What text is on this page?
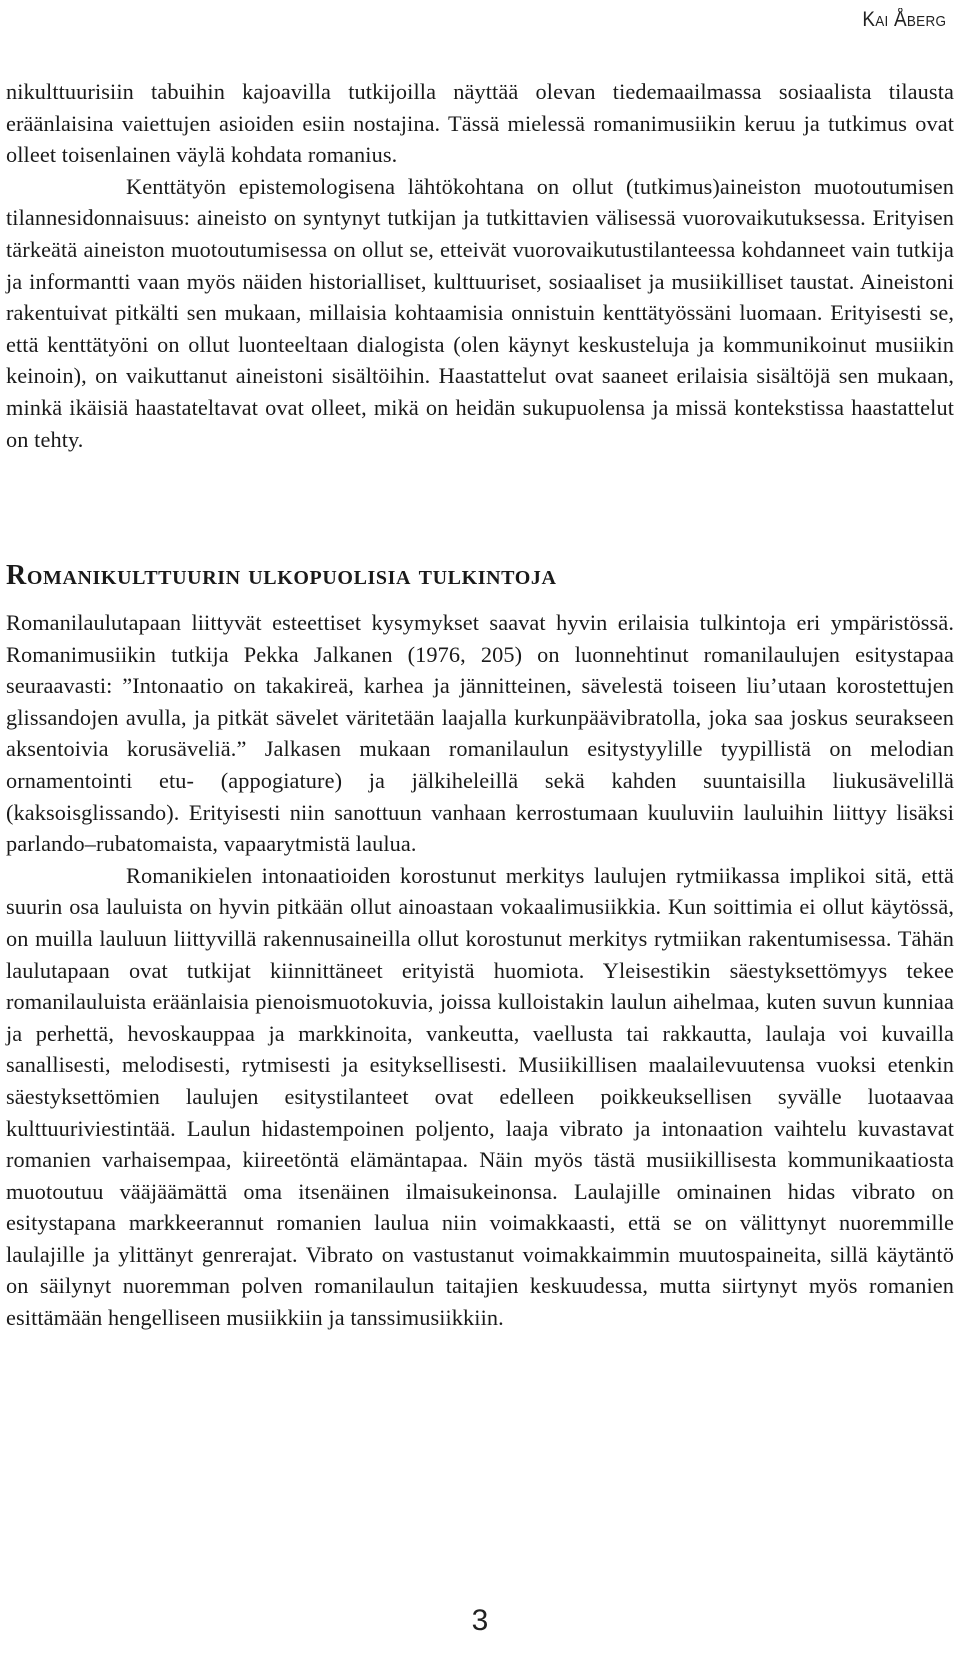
Kai Åberg

nikulttuurisiin tabuihin kajoavilla tutkijoilla näyttää olevan tiedemaailmassa sosiaalista tilausta eräänlaisina vaiettujen asioiden esiin nostajina. Tässä mielessä romanimusiikin keruu ja tutkimus ovat olleet toisenlainen väylä kohdata romanius.

Kenttätyön epistemologisena lähtökohtana on ollut (tutkimus)aineiston muotoutumisen tilannesidonnaisuus: aineisto on syntynyt tutkijan ja tutkittavien välisessä vuorovaikutuksessa. Erityisen tärkeätä aineiston muotoutumisessa on ollut se, etteivät vuorovaikutustilanteessa kohdanneet vain tutkija ja informantti vaan myös näiden historialliset, kulttuuriset, sosiaaliset ja musiikilliset taustat. Aineistoni rakentuivat pitkälti sen mukaan, millaisia kohtaamisia onnistuin kenttätyössäni luomaan. Erityisesti se, että kenttätyöni on ollut luonteeltaan dialogista (olen käynyt keskusteluja ja kommunikoinut musiikin keinoin), on vaikuttanut aineistoni sisältöihin. Haastattelut ovat saaneet erilaisia sisältöjä sen mukaan, minkä ikäisiä haastateltavat ovat olleet, mikä on heidän sukupuolensa ja missä kontekstissa haastattelut on tehty.

Romanikulttuurin ulkopuolisia tulkintoja

Romanilaulutapaan liittyvät esteettiset kysymykset saavat hyvin erilaisia tulkintoja eri ympäristössä. Romanimusiikin tutkija Pekka Jalkanen (1976, 205) on luonnehtinut romanilaulujen esitystapaa seuraavasti: ”Intonaatio on takakireä, karhea ja jännitteinen, sävelestä toiseen liu’utaan korostettujen glissandojen avulla, ja pitkät sävelet väritetään laajalla kurkunpäävibratolla, joka saa joskus seurakseen aksentoivia korusäveliä.” Jalkasen mukaan romanilaulun esitystyylille tyypillistä on melodian ornamentointi etu- (appogiature) ja jälkiheleillä sekä kahden suuntaisilla liukusävelillä (kaksoisglissando). Erityisesti niin sanottuun vanhaan kerrostumaan kuuluviin lauluihin liittyy lisäksi parlando–rubatomaista, vapaarytmistä laulua.

Romanikielen intonaatioiden korostunut merkitys laulujen rytmiikassa implikoi sitä, että suurin osa lauluista on hyvin pitkään ollut ainoastaan vokaalimusiikkia. Kun soittimia ei ollut käytössä, on muilla lauluun liittyvillä rakennusaineilla ollut korostunut merkitys rytmiikan rakentumisessa. Tähän laulutapaan ovat tutkijat kiinnittäneet erityistä huomiota. Yleisestikin säestyksettömyys tekee romanilauluista eräänlaisia pienoismuotokuvia, joissa kulloistakin laulun aihelmaa, kuten suvun kunniaa ja perhettä, hevoskauppaa ja markkinoita, vankeutta, vaellusta tai rakkautta, laulaja voi kuvailla sanallisesti, melodisesti, rytmisesti ja esityksellisesti. Musiikillisen maalailevuutensa vuoksi etenkin säestyksettömien laulujen esitystilanteet ovat edelleen poikkeuksellisen syvälle luotaavaa kulttuuriviestintää. Laulun hidastempoinen poljento, laaja vibrato ja intonaation vaihtelu kuvastavat romanien varhaisempaa, kiireetöntä elämäntapaa. Näin myös tästä musiikillisesta kommunikaatiosta muotoutuu vääjäämättä oma itsenäinen ilmaisukeinonsa. Laulajille ominainen hidas vibrato on esitystapana markkeerannut romanien laulua niin voimakkaasti, että se on välittynyt nuoremmille laulajille ja ylittänyt genrerajat. Vibrato on vastustanut voimakkaimmin muutospaineita, sillä käytäntö on säilynyt nuoremman polven romanilaulun taitajien keskuudessa, mutta siirtynyt myös romanien esittämään hengelliseen musiikkiin ja tanssimusiikkiin.

3
